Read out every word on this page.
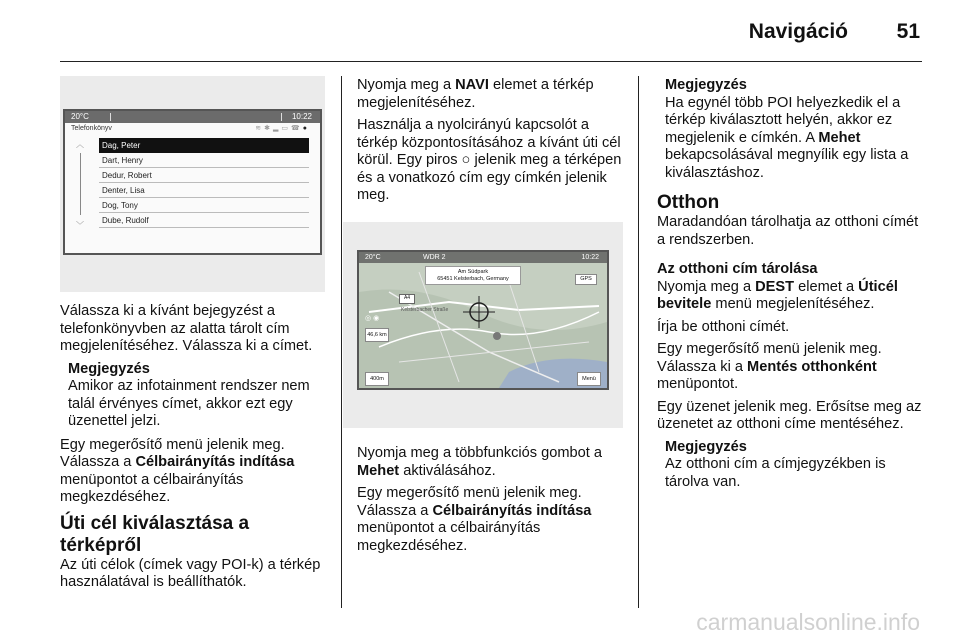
Navigáció 51
20°C	10:22
Telefonkönyv	≋✱▂▭☎●
︿
﹀
Dag, Peter
Dart, Henry
Dedur, Robert
Denter, Lisa
Dog, Tony
Dube, Rudolf

Válassza ki a kívánt bejegyzést a telefonkönyvben az alatta tárolt cím megjelenítéséhez. Válassza ki a címet.

Megjegyzés
Amikor az infotainment rendszer nem talál érvényes címet, akkor ezt egy üzenettel jelzi.

Egy megerősítő menü jelenik meg. Válassza a Célbairányítás indítása menüpontot a célbairányítás megkezdéséhez.

Úti cél kiválasztása a térképről

Az úti célok (címek vagy POI-k) a térkép használatával is beállíthatók.

Nyomja meg a NAVI elemet a térkép megjelenítéséhez.

Használja a nyolcirányú kapcsolót a térkép központosításához a kívánt úti cél körül. Egy piros ○ jelenik meg a térképen és a vonatkozó cím egy címkén jelenik meg.

20°C	WDR 2	10:22
Am Südpark
65451 Kelsterbach, Germany	GPS
A4
Kelsterbacher Straße
◎◉
46,6 km
400m	Menü

Nyomja meg a többfunkciós gombot a Mehet aktiválásához.

Egy megerősítő menü jelenik meg. Válassza a Célbairányítás indítása menüpontot a célbairányítás megkezdéséhez.

Megjegyzés
Ha egynél több POI helyezkedik el a térkép kiválasztott helyén, akkor ez megjelenik e címkén. A Mehet bekapcsolásával megnyílik egy lista a kiválasztáshoz.
Otthon

Maradandóan tárolhatja az otthoni címét a rendszerben.

Az otthoni cím tárolása

Nyomja meg a DEST elemet a Úticél bevitele menü megjelenítéséhez.

Írja be otthoni címét.

Egy megerősítő menü jelenik meg. Válassza ki a Mentés otthonként menüpontot.

Egy üzenet jelenik meg. Erősítse meg az üzenetet az otthoni címe mentéséhez.

Megjegyzés
Az otthoni cím a címjegyzékben is tárolva van.
carmanualsonline.info
